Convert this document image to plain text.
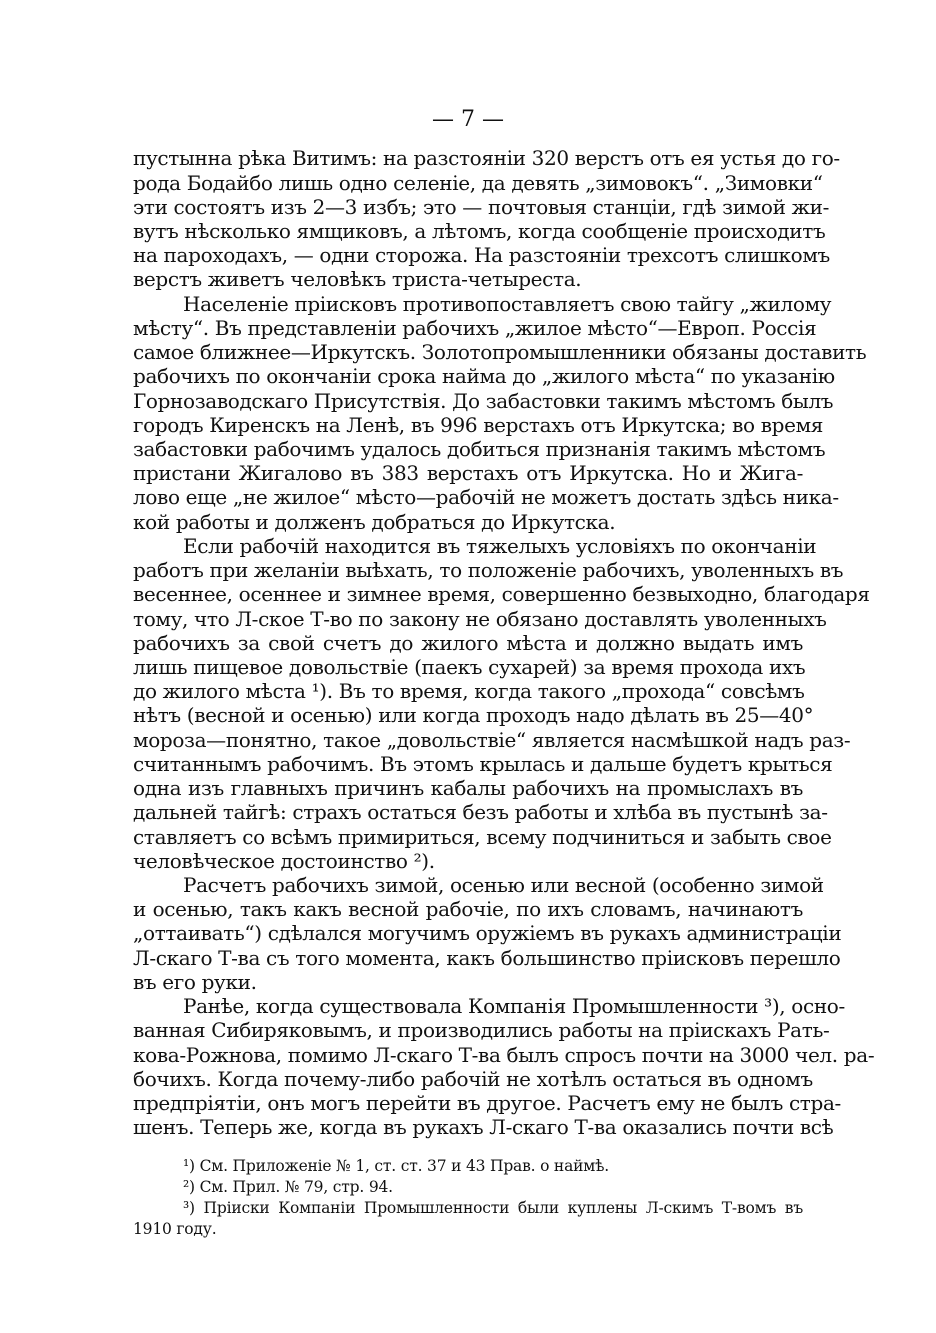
— 7 —
пустынна рѣка Витимъ: на разстояніи 320 верстъ отъ ея устья до го-
рода Бодайбо лишь одно селеніе, да девять „зимовокъ“. „Зимовки“
эти состоятъ изъ 2—3 избъ; это — почтовыя станціи, гдѣ зимой жи-
вутъ нѣсколько ямщиковъ, а лѣтомъ, когда сообщеніе происходитъ
на пароходахъ, — одни сторожа. На разстояніи трехсотъ слишкомъ
верстъ живетъ человѣкъ триста-четыреста.
Населеніе пріисковъ противопоставляетъ свою тайгу „жилому
мѣсту“. Въ представленіи рабочихъ „жилое мѣсто“—Европ. Россія
самое ближнее—Иркутскъ. Золотопромышленники обязаны доставить
рабочихъ по окончаніи срока найма до „жилого мѣста“ по указанію
Горнозаводскаго Присутствія. До забастовки такимъ мѣстомъ былъ
городъ Киренскъ на Ленѣ, въ 996 верстахъ отъ Иркутска; во время
забастовки рабочимъ удалось добиться признанія такимъ мѣстомъ
пристани Жигалово въ 383 верстахъ отъ Иркутска. Но и Жига-
лово еще „не жилое“ мѣсто—рабочій не можетъ достать здѣсь ника-
кой работы и долженъ добраться до Иркутска.
Если рабочій находится въ тяжелыхъ условіяхъ по окончаніи
работъ при желаніи выѣхать, то положеніе рабочихъ, уволенныхъ въ
весеннее, осеннее и зимнее время, совершенно безвыходно, благодаря
тому, что Л-ское Т-во по закону не обязано доставлять уволенныхъ
рабочихъ за свой счетъ до жилого мѣста и должно выдать имъ
лишь пищевое довольствіе (паекъ сухарей) за время прохода ихъ
до жилого мѣста ¹). Въ то время, когда такого „прохода“ совсѣмъ
нѣтъ (весной и осенью) или когда проходъ надо дѣлать въ 25—40°
мороза—понятно, такое „довольствіе“ является насмѣшкой надъ раз-
считаннымъ рабочимъ. Въ этомъ крылась и дальше будетъ крыться
одна изъ главныхъ причинъ кабалы рабочихъ на промыслахъ въ
дальней тайгѣ: страхъ остаться безъ работы и хлѣба въ пустынѣ за-
ставляетъ со всѣмъ примириться, всему подчиниться и забыть свое
человѣческое достоинство ²).
Расчетъ рабочихъ зимой, осенью или весной (особенно зимой
и осенью, такъ какъ весной рабочіе, по ихъ словамъ, начинаютъ
„оттаивать“) сдѣлался могучимъ оружіемъ въ рукахъ администраціи
Л-скаго Т-ва съ того момента, какъ большинство пріисковъ перешло
въ его руки.
Ранѣе, когда существовала Компанія Промышленности ³), осно-
ванная Сибиряковымъ, и производились работы на пріискахъ Рать-
кова-Рожнова, помимо Л-скаго Т-ва былъ спросъ почти на 3000 чел. ра-
бочихъ. Когда почему-либо рабочій не хотѣлъ остаться въ одномъ
предпріятіи, онъ могъ перейти въ другое. Расчетъ ему не былъ стра-
шенъ. Теперь же, когда въ рукахъ Л-скаго Т-ва оказались почти всѣ
¹) См. Приложеніе № 1, ст. ст. 37 и 43 Прав. о наймѣ.
²) См. Прил. № 79, стр. 94.
³) Пріиски Компаніи Промышленности были куплены Л-скимъ Т-вомъ въ
1910 году.
